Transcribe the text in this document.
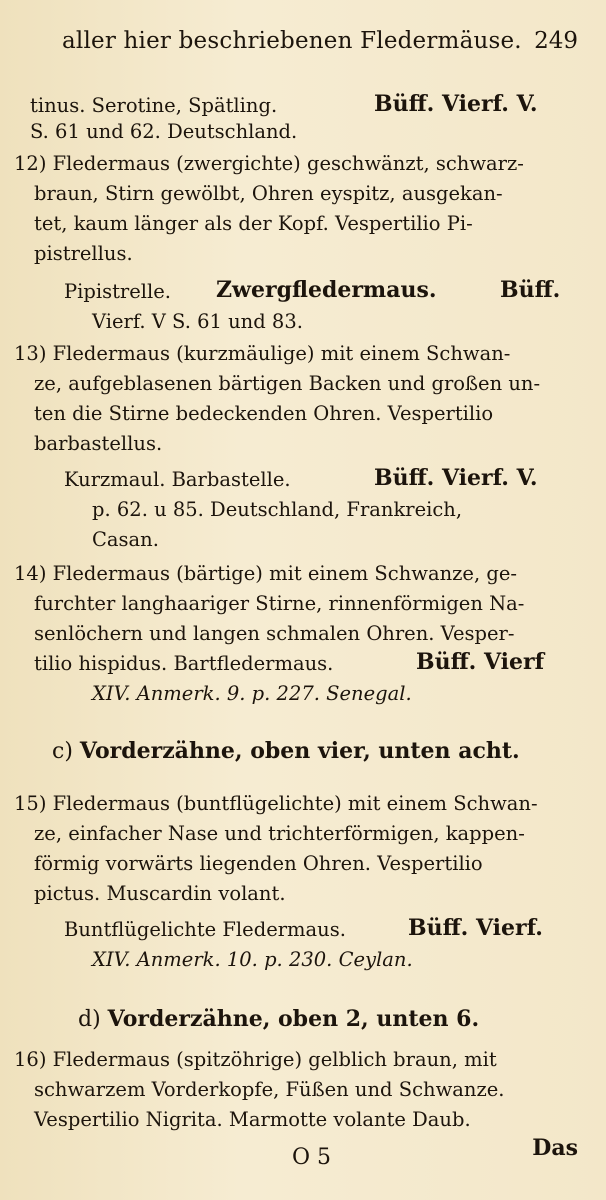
aller hier beschriebenen Fledermäuse. 249
tinus. Serotine, Spätling.	Büff. Vierf. V.
S. 61 und 62. Deutschland.
12) Fledermaus (zwergichte) geschwänzt, schwarz-
braun, Stirn gewölbt, Ohren eyspitz, ausgekan-
tet, kaum länger als der Kopf. Vespertilio Pi-
pistrellus.
Pipistrelle. Zwergfledermaus.	Büff.
Vierf. V S. 61 und 83.
13) Fledermaus (kurzmäulige) mit einem Schwan-
ze, aufgeblasenen bärtigen Backen und großen un-
ten die Stirne bedeckenden Ohren. Vespertilio
barbastellus.
Kurzmaul. Barbastelle.	Büff. Vierf. V.
p. 62. u 85. Deutschland, Frankreich,
Casan.
14) Fledermaus (bärtige) mit einem Schwanze, ge-
furchter langhaariger Stirne, rinnenförmigen Na-
senlöchern und langen schmalen Ohren. Vesper-
tilio hispidus. Bartfledermaus.	Büff. Vierf
XIV. Anmerk. 9. p. 227. Senegal.
c) Vorderzähne, oben vier, unten acht.
15) Fledermaus (buntflügelichte) mit einem Schwan-
ze, einfacher Nase und trichterförmigen, kappen-
förmig vorwärts liegenden Ohren. Vespertilio
pictus. Muscardin volant.
Buntflügelichte Fledermaus.	Büff. Vierf.
XIV. Anmerk. 10. p. 230. Ceylan.
d) Vorderzähne, oben 2, unten 6.
16) Fledermaus (spitzöhrige) gelblich braun, mit
schwarzem Vorderkopfe, Füßen und Schwanze.
Vespertilio Nigrita. Marmotte volante Daub.
O 5	Das
